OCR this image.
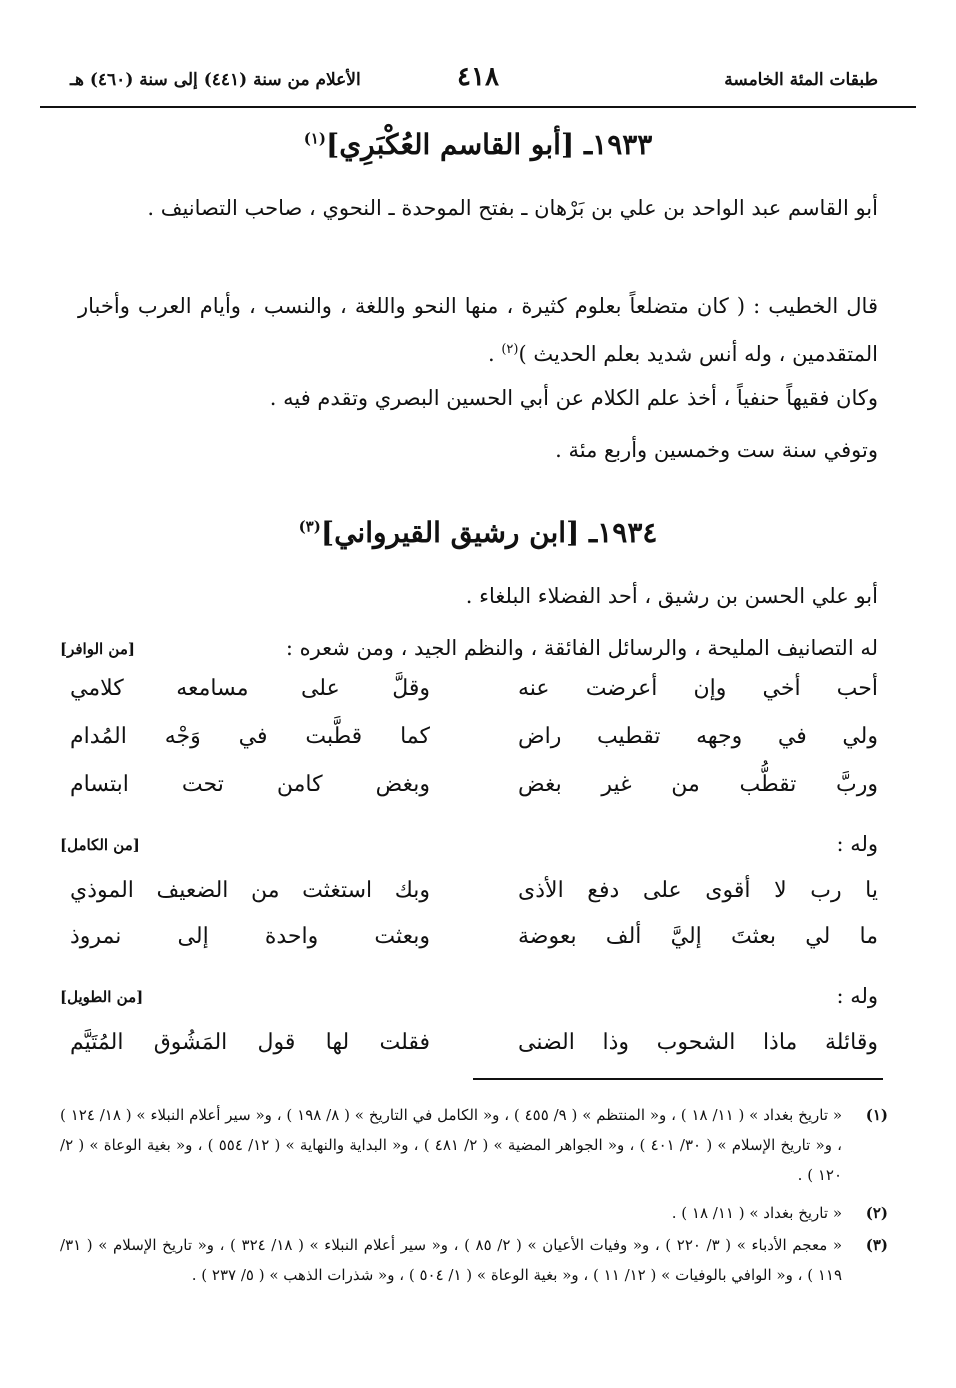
طبقات المئة الخامسة
٤١٨
الأعلام من سنة (٤٤١) إلى سنة (٤٦٠) هـ
١٩٣٣ـ [أبو القاسم العُكْبَرِي]$^{(١)}$
أبو القاسم عبد الواحد بن علي بن بَرْهان ـ بفتح الموحدة ـ النحوي ، صاحب التصانيف .
قال الخطيب : ( كان متضلعاً بعلوم كثيرة ، منها النحو واللغة ، والنسب ، وأيام العرب وأخبار المتقدمين ، وله أنس شديد بعلم الحديث )$^{(٢)}$ .
وكان فقيهاً حنفياً ، أخذ علم الكلام عن أبي الحسين البصري وتقدم فيه .
وتوفي سنة ست وخمسين وأربع مئة .
١٩٣٤ـ [ابن رشيق القيرواني]$^{(٣)}$
أبو علي الحسن بن رشيق ، أحد الفضلاء البلغاء .
له التصانيف المليحة ، والرسائل الفائقة ، والنظم الجيد ، ومن شعره :
[من الوافر]
أحب أخي وإن أعرضت عنه
وقلَّ على مسامعه كلامي
ولي في وجهه تقطيب راض
كما قطَّبت في وَجْه المُدام
وربَّ تقطُّب من غير بغض
وبغض كامن تحت ابتسام
وله :
[من الكامل]
يا رب لا أقوى على دفع الأذى
وبك استغثت من الضعيف الموذي
ما لي بعثتَ إليَّ ألف بعوضة
وبعثت واحدة إلى نمروذ
وله :
[من الطويل]
وقائلة ماذا الشحوب وذا الضنى
فقلت لها قول المَشُوق المُتَيَّم
(١)
« تاريخ بغداد » ( ١١/ ١٨ ) ، و« المنتظم » ( ٩/ ٤٥٥ ) ، و« الكامل في التاريخ » ( ٨/ ١٩٨ ) ، و« سير أعلام النبلاء » ( ١٨/ ١٢٤ ) ، و« تاريخ الإسلام » ( ٣٠/ ٤٠١ ) ، و« الجواهر المضية » ( ٢/ ٤٨١ ) ، و« البداية والنهاية » ( ١٢/ ٥٥٤ ) ، و« بغية الوعاة » ( ٢/ ١٢٠ ) .
(٢)
« تاريخ بغداد » ( ١١/ ١٨ ) .
(٣)
« معجم الأدباء » ( ٣/ ٢٢٠ ) ، و« وفيات الأعيان » ( ٢/ ٨٥ ) ، و« سير أعلام النبلاء » ( ١٨/ ٣٢٤ ) ، و« تاريخ الإسلام » ( ٣١/ ١١٩ ) ، و« الوافي بالوفيات » ( ١٢/ ١١ ) ، و« بغية الوعاة » ( ١/ ٥٠٤ ) ، و« شذرات الذهب » ( ٥/ ٢٣٧ ) .
